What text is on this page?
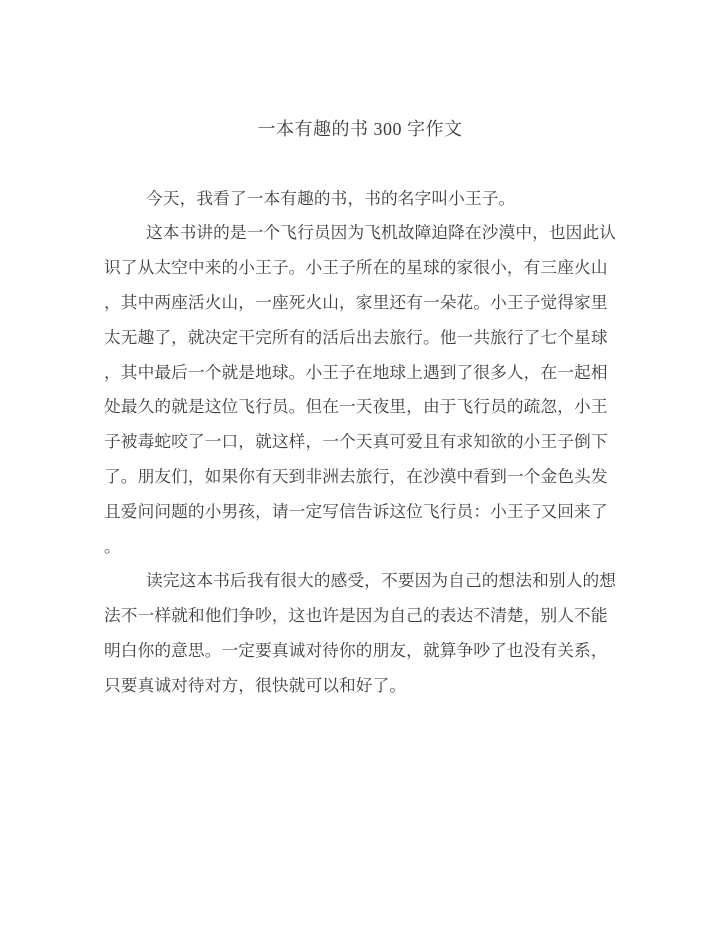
一本有趣的书 300 字作文
今天，我看了一本有趣的书，书的名字叫小王子。
这本书讲的是一个飞行员因为飞机故障迫降在沙漠中，也因此认
识了从太空中来的小王子。小王子所在的星球的家很小，有三座火山
，其中两座活火山，一座死火山，家里还有一朵花。小王子觉得家里
太无趣了，就决定干完所有的活后出去旅行。他一共旅行了七个星球
，其中最后一个就是地球。小王子在地球上遇到了很多人，在一起相
处最久的就是这位飞行员。但在一天夜里，由于飞行员的疏忽，小王
子被毒蛇咬了一口，就这样，一个天真可爱且有求知欲的小王子倒下
了。朋友们，如果你有天到非洲去旅行，在沙漠中看到一个金色头发
且爱问问题的小男孩，请一定写信告诉这位飞行员：小王子又回来了
。
读完这本书后我有很大的感受，不要因为自己的想法和别人的想
法不一样就和他们争吵，这也许是因为自己的表达不清楚，别人不能
明白你的意思。一定要真诚对待你的朋友，就算争吵了也没有关系，
只要真诚对待对方，很快就可以和好了。
